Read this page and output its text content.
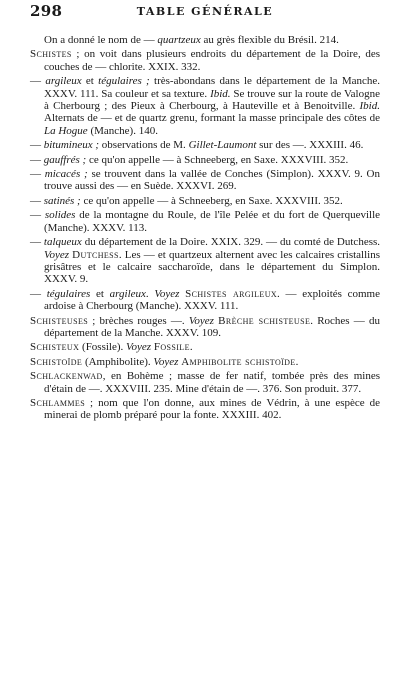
298	TABLE GÉNÉRALE

On a donné le nom de — quartzeux au grès flexible du Brésil. 214.

Schistes ; on voit dans plusieurs endroits du département de la Doire, des couches de — chlorite. XXIX. 332.

— argileux et tégulaires ; très-abondans dans le département de la Manche. XXXV. 111. Sa couleur et sa texture. Ibid. Se trouve sur la route de Valogne à Cherbourg ; des Pieux à Cherbourg, à Hauteville et à Benoitville. Ibid. Alternats de — et de quartz grenu, formant la masse principale des côtes de La Hogue (Manche). 140.

— bitumineux ; observations de M. Gillet-Laumont sur des —. XXXIII. 46.

— gauffrés ; ce qu'on appelle — à Schneeberg, en Saxe. XXXVIII. 352.

— micacés ; se trouvent dans la vallée de Conches (Simplon). XXXV. 9. On trouve aussi des — en Suède. XXXVI. 269.

— satinés ; ce qu'on appelle — à Schneeberg, en Saxe. XXXVIII. 352.

— solides de la montagne du Roule, de l'île Pelée et du fort de Querqueville (Manche). XXXV. 113.

— talqueux du département de la Doire. XXIX. 329. — du comté de Dutchess. Voyez Dutchess. Les — et quartzeux alternent avec les calcaires cristallins grisâtres et le calcaire saccharoïde, dans le département du Simplon. XXXV. 9.

— tégulaires et argileux. Voyez Schistes argileux. — exploités comme ardoise à Cherbourg (Manche). XXXV. 111.

Schisteuses ; brèches rouges —. Voyez Brèche schisteuse. Roches — du département de la Manche. XXXV. 109.

Schisteux (Fossile). Voyez Fossile.

Schistoïde (Amphibolite). Voyez Amphibolite schistoïde.

Schlackenwad, en Bohème ; masse de fer natif, tombée près des mines d'étain de —. XXXVIII. 235. Mine d'étain de —. 376. Son produit. 377.

Schlammes ; nom que l'on donne, aux mines de Védrin, à une espèce de minerai de plomb préparé pour la fonte. XXXIII. 402.
